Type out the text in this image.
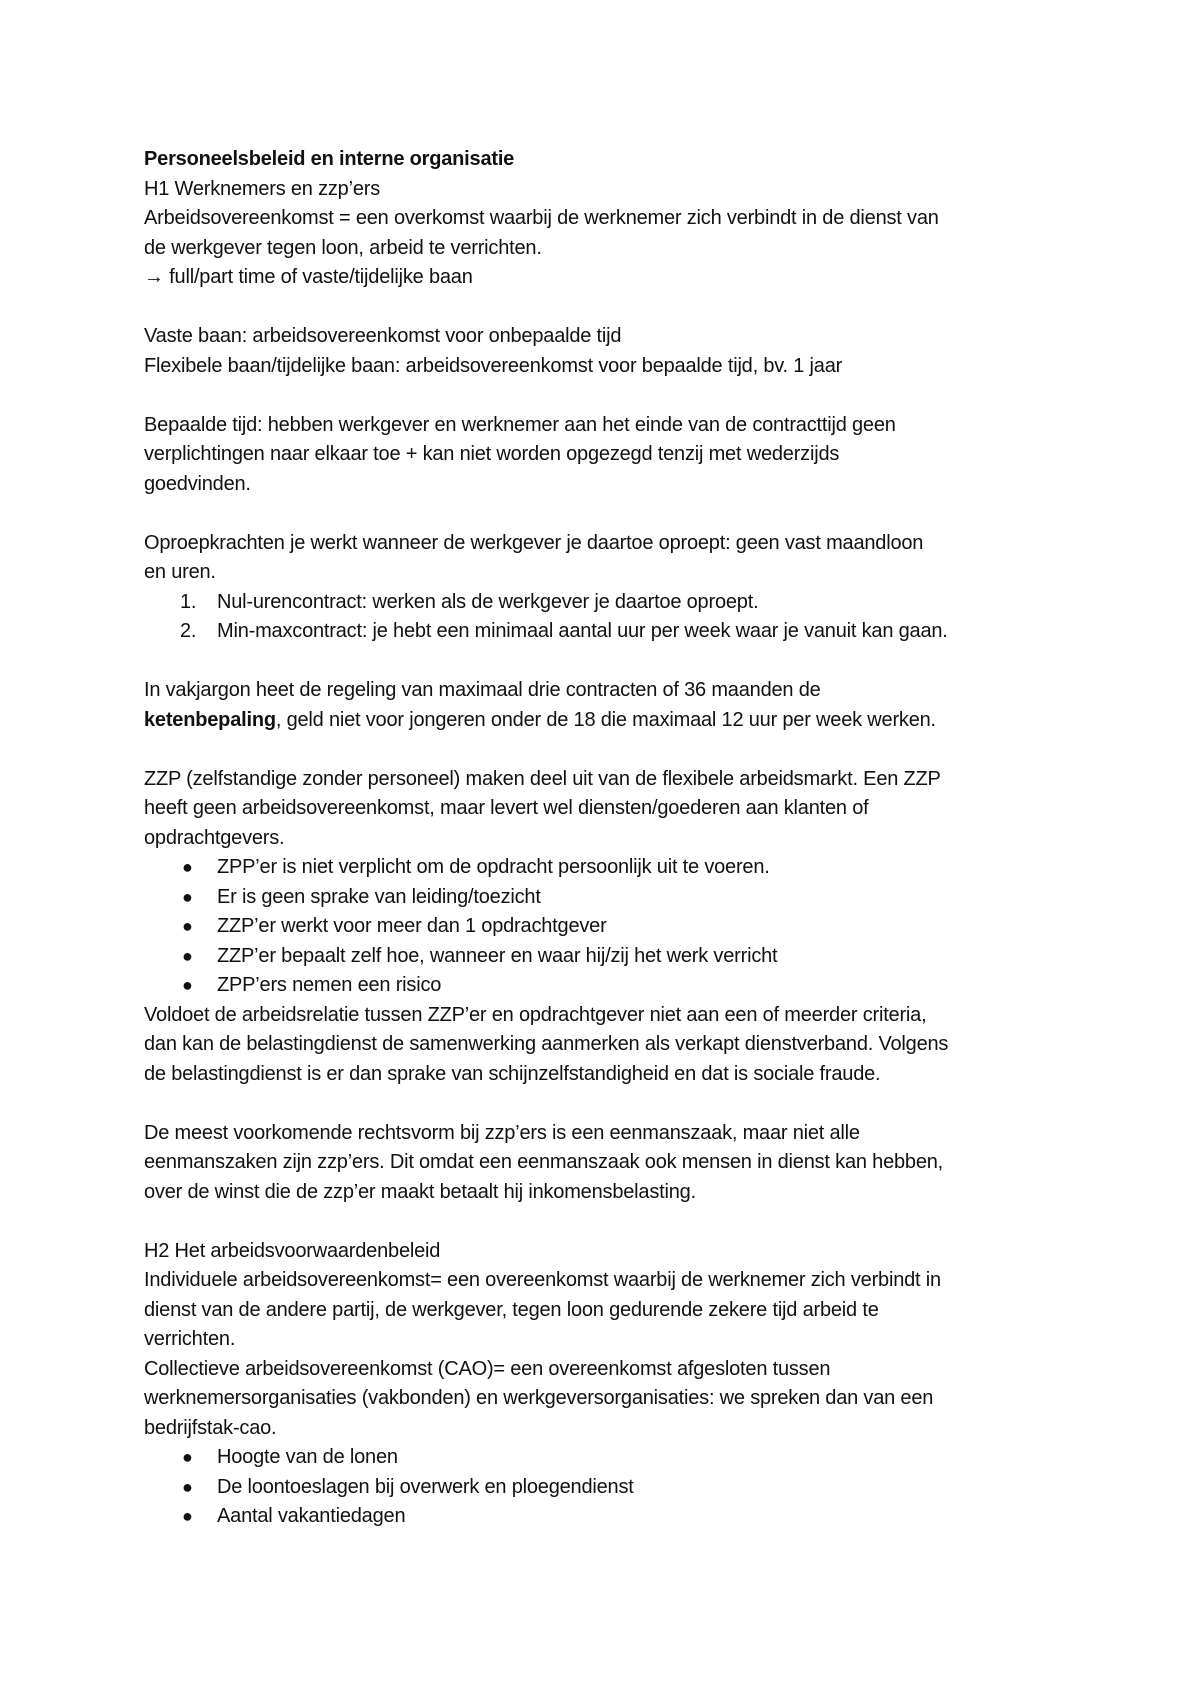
Personeelsbeleid en interne organisatie

H1 Werknemers en zzp’ers

Arbeidsovereenkomst = een overkomst waarbij de werknemer zich verbindt in de dienst van

de werkgever tegen loon, arbeid te verrichten.

→ full/part time of vaste/tijdelijke baan

Vaste baan: arbeidsovereenkomst voor onbepaalde tijd

Flexibele baan/tijdelijke baan: arbeidsovereenkomst voor bepaalde tijd, bv. 1 jaar

Bepaalde tijd: hebben werkgever en werknemer aan het einde van de contracttijd geen

verplichtingen naar elkaar toe + kan niet worden opgezegd tenzij met wederzijds

goedvinden.

Oproepkrachten je werkt wanneer de werkgever je daartoe oproept: geen vast maandloon

en uren.

1. Nul-urencontract: werken als de werkgever je daartoe oproept.
2. Min-maxcontract: je hebt een minimaal aantal uur per week waar je vanuit kan gaan.

In vakjargon heet de regeling van maximaal drie contracten of 36 maanden de

ketenbepaling, geld niet voor jongeren onder de 18 die maximaal 12 uur per week werken.

ZZP (zelfstandige zonder personeel) maken deel uit van de flexibele arbeidsmarkt. Een ZZP

heeft geen arbeidsovereenkomst, maar levert wel diensten/goederen aan klanten of

opdrachtgevers.

● ZPP’er is niet verplicht om de opdracht persoonlijk uit te voeren.
● Er is geen sprake van leiding/toezicht
● ZZP’er werkt voor meer dan 1 opdrachtgever
● ZZP’er bepaalt zelf hoe, wanneer en waar hij/zij het werk verricht
● ZPP’ers nemen een risico

Voldoet de arbeidsrelatie tussen ZZP’er en opdrachtgever niet aan een of meerder criteria,

dan kan de belastingdienst de samenwerking aanmerken als verkapt dienstverband. Volgens

de belastingdienst is er dan sprake van schijnzelfstandigheid en dat is sociale fraude.

De meest voorkomende rechtsvorm bij zzp’ers is een eenmanszaak, maar niet alle

eenmanszaken zijn zzp’ers. Dit omdat een eenmanszaak ook mensen in dienst kan hebben,

over de winst die de zzp’er maakt betaalt hij inkomensbelasting.

H2 Het arbeidsvoorwaardenbeleid

Individuele arbeidsovereenkomst= een overeenkomst waarbij de werknemer zich verbindt in

dienst van de andere partij, de werkgever, tegen loon gedurende zekere tijd arbeid te

verrichten.

Collectieve arbeidsovereenkomst (CAO)= een overeenkomst afgesloten tussen

werknemersorganisaties (vakbonden) en werkgeversorganisaties: we spreken dan van een

bedrijfstak-cao.

● Hoogte van de lonen
● De loontoeslagen bij overwerk en ploegendienst
● Aantal vakantiedagen
